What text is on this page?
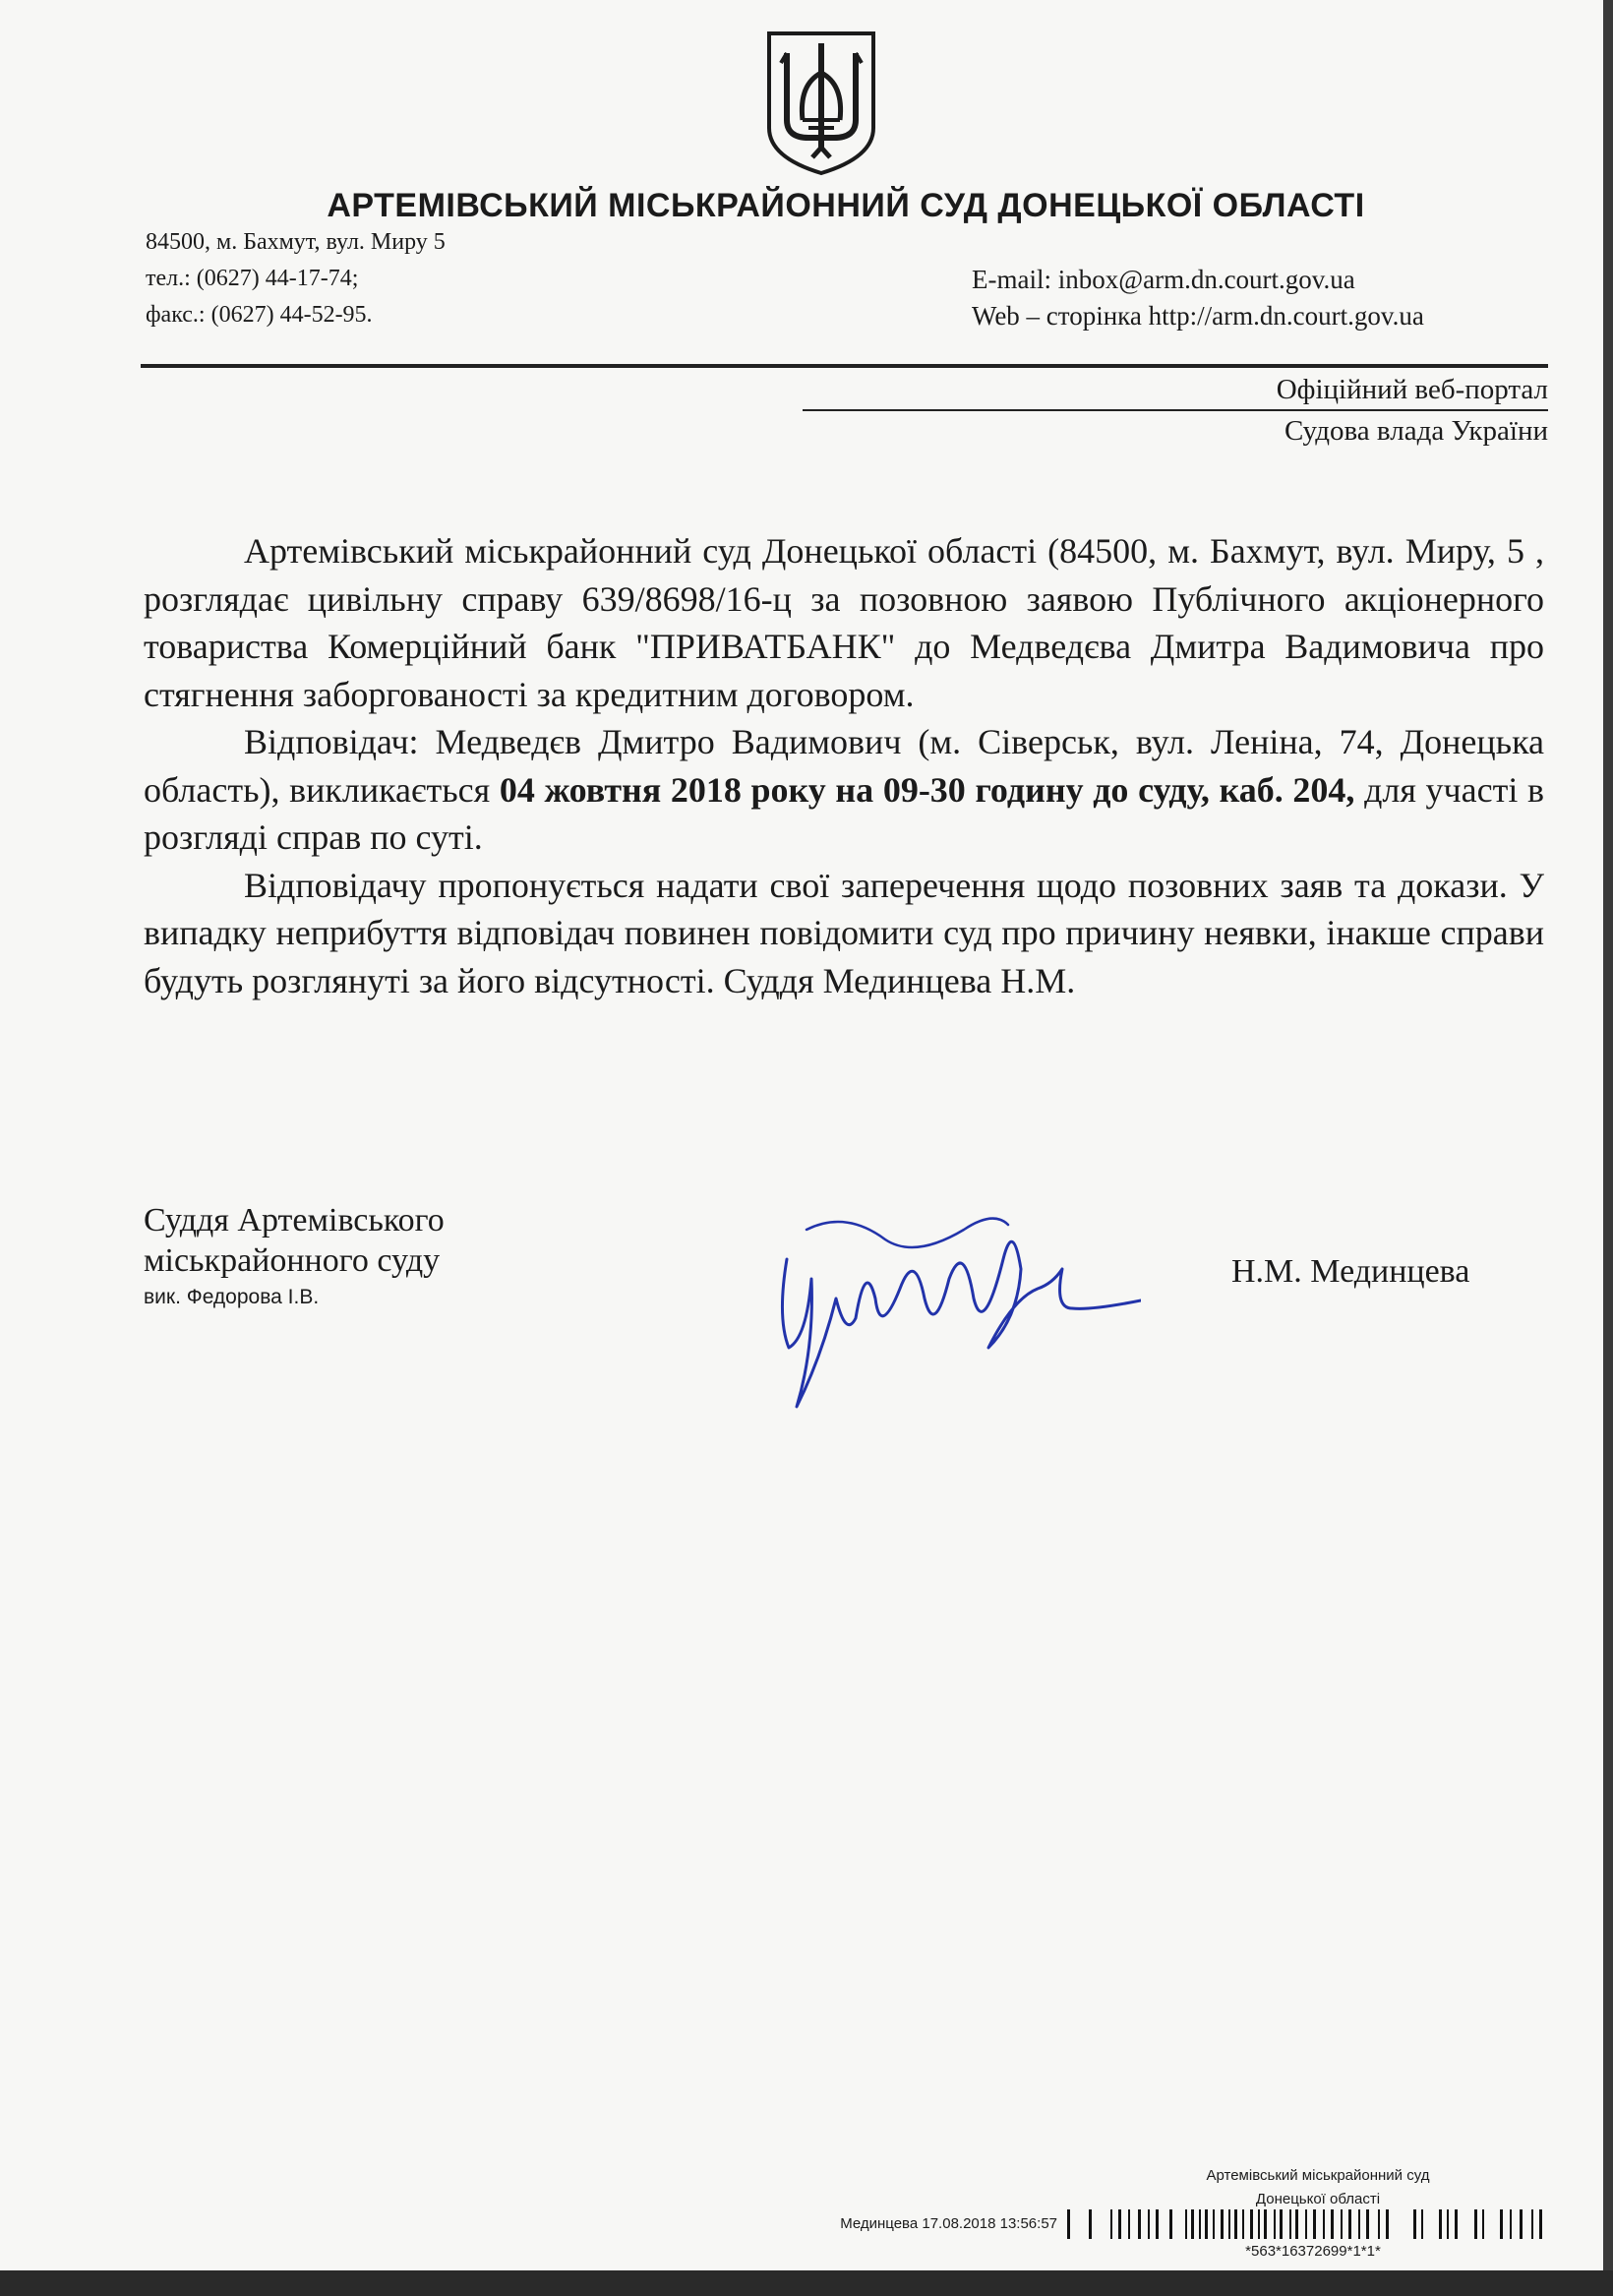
АРТЕМІВСЬКИЙ МІСЬКРАЙОННИЙ СУД ДОНЕЦЬКОЇ ОБЛАСТІ
84500, м. Бахмут, вул. Миру 5
тел.: (0627) 44-17-74;
факс.: (0627) 44-52-95.
E-mail: inbox@arm.dn.court.gov.ua
Web – сторінка http://arm.dn.court.gov.ua
Офіційний веб-портал
Судова влада України

Артемівський міськрайонний суд Донецької області (84500, м. Бахмут, вул. Миру, 5 , розглядає цивільну справу 639/8698/16-ц за позовною заявою Публічного акціонерного товариства Комерційний банк "ПРИВАТБАНК" до Медведєва Дмитра Вадимовича про стягнення заборгованості за кредитним договором.

Відповідач: Медведєв Дмитро Вадимович (м. Сіверськ, вул. Леніна, 74, Донецька область), викликається 04 жовтня 2018 року на 09-30 годину до суду, каб. 204, для участі в розгляді справ по суті.

Відповідачу пропонується надати свої заперечення щодо позовних заяв та докази. У випадку неприбуття відповідач повинен повідомити суд про причину неявки, інакше справи будуть розглянуті за його відсутності. Суддя Мединцева Н.М.

Суддя Артемівського
міськрайонного суду
вик. Федорова І.В.
Н.М. Мединцева
Артемівський міськрайонний суд
Донецької області
Мединцева 17.08.2018 13:56:57
*563*16372699*1*1*
